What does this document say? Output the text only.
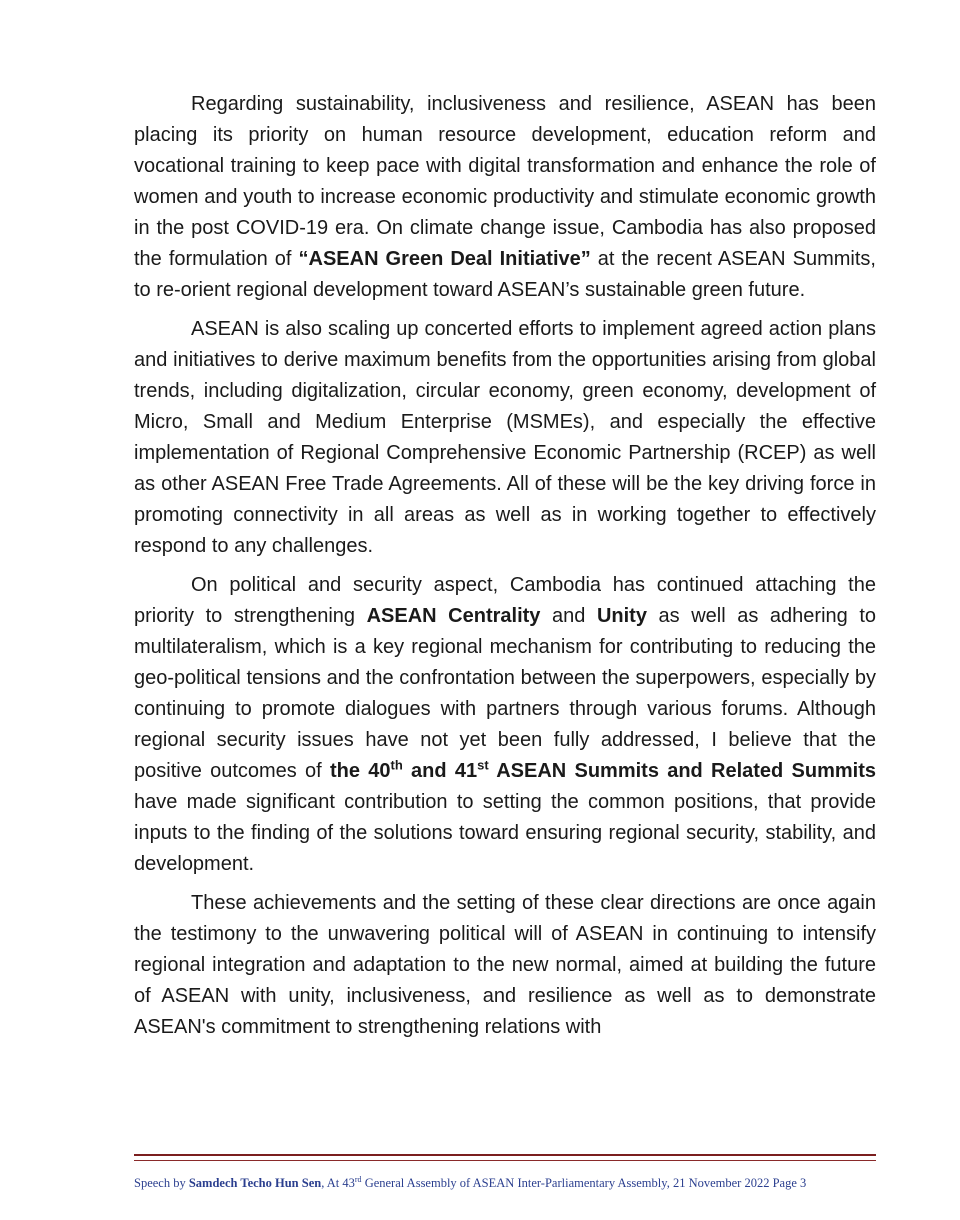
Regarding sustainability, inclusiveness and resilience, ASEAN has been placing its priority on human resource development, education reform and vocational training to keep pace with digital transformation and enhance the role of women and youth to increase economic productivity and stimulate economic growth in the post COVID-19 era. On climate change issue, Cambodia has also proposed the formulation of “ASEAN Green Deal Initiative” at the recent ASEAN Summits, to re-orient regional development toward ASEAN’s sustainable green future.

ASEAN is also scaling up concerted efforts to implement agreed action plans and initiatives to derive maximum benefits from the opportunities arising from global trends, including digitalization, circular economy, green economy, development of Micro, Small and Medium Enterprise (MSMEs), and especially the effective implementation of Regional Comprehensive Economic Partnership (RCEP) as well as other ASEAN Free Trade Agreements. All of these will be the key driving force in promoting connectivity in all areas as well as in working together to effectively respond to any challenges.

On political and security aspect, Cambodia has continued attaching the priority to strengthening ASEAN Centrality and Unity as well as adhering to multilateralism, which is a key regional mechanism for contributing to reducing the geo-political tensions and the confrontation between the superpowers, especially by continuing to promote dialogues with partners through various forums. Although regional security issues have not yet been fully addressed, I believe that the positive outcomes of the 40th and 41st ASEAN Summits and Related Summits have made significant contribution to setting the common positions, that provide inputs to the finding of the solutions toward ensuring regional security, stability, and development.

These achievements and the setting of these clear directions are once again the testimony to the unwavering political will of ASEAN in continuing to intensify regional integration and adaptation to the new normal, aimed at building the future of ASEAN with unity, inclusiveness, and resilience as well as to demonstrate ASEAN's commitment to strengthening relations with

Speech by Samdech Techo Hun Sen, At 43rd General Assembly of ASEAN Inter-Parliamentary Assembly, 21 November 2022 Page 3
